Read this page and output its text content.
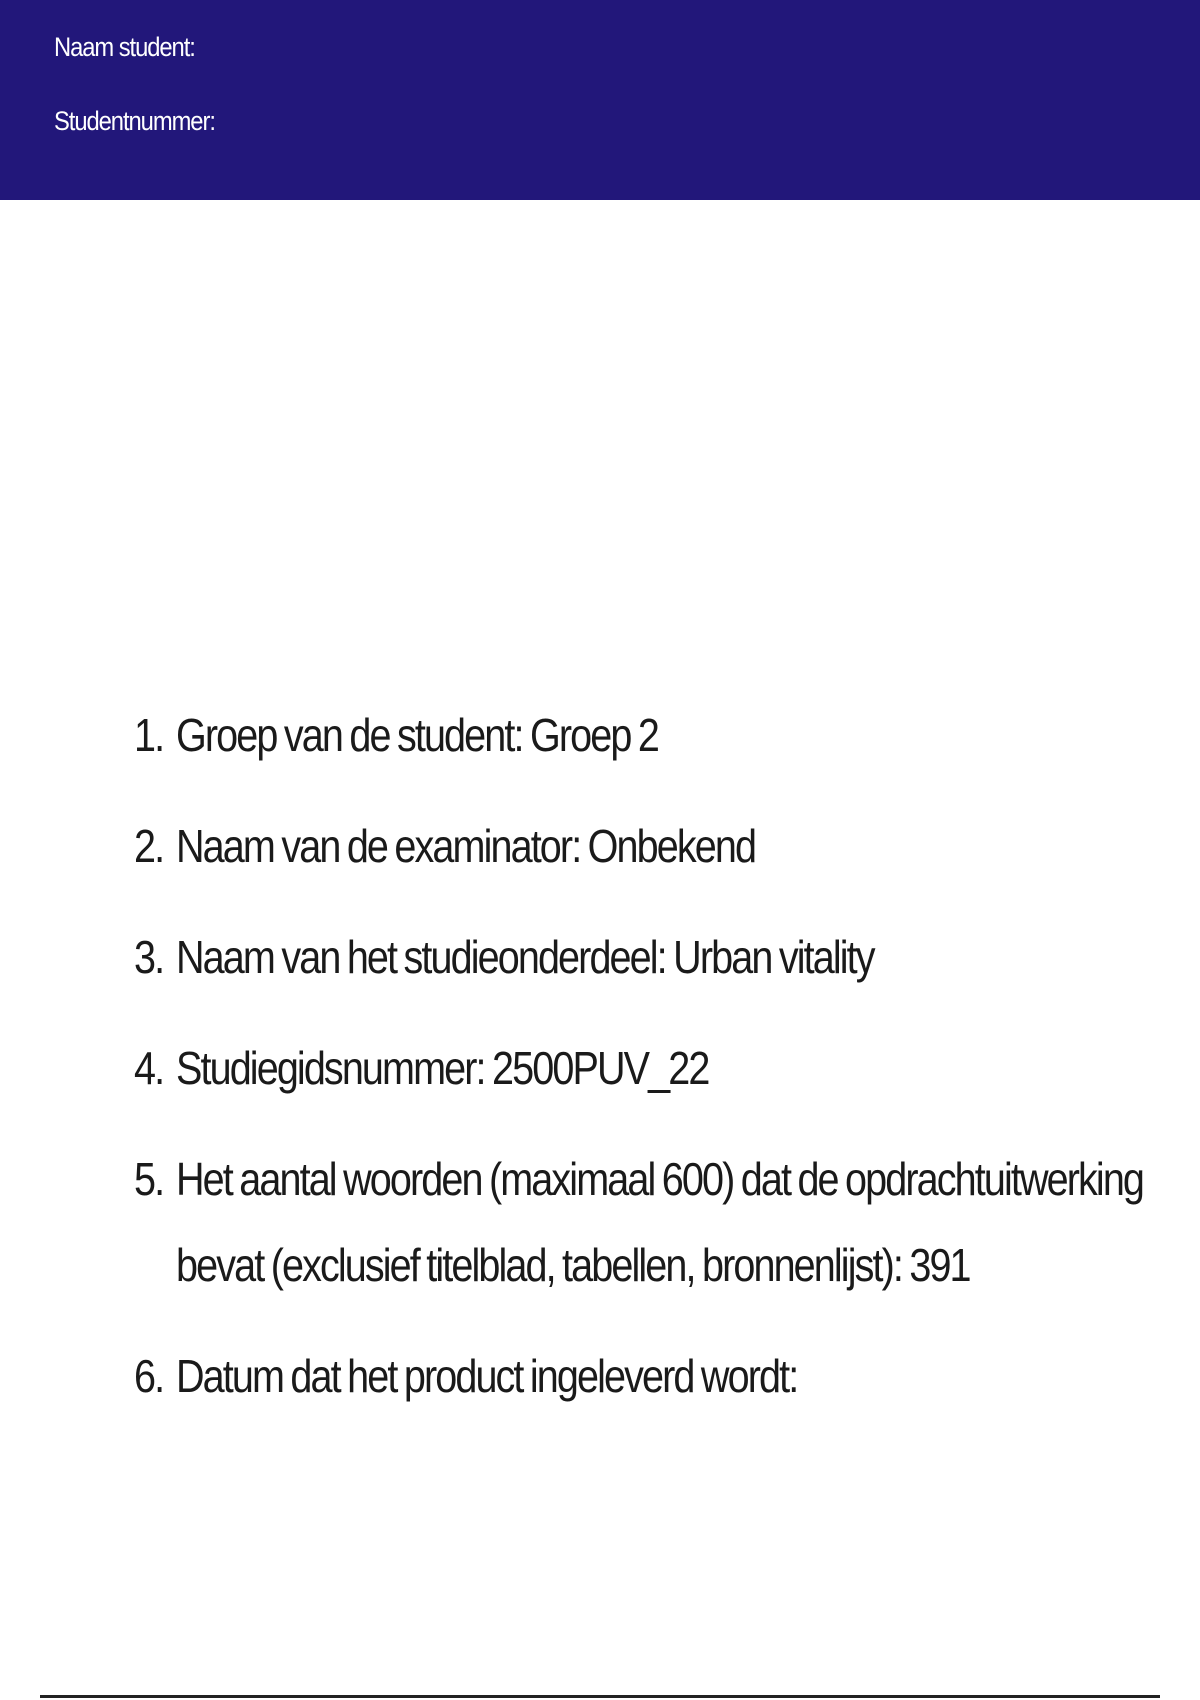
Naam student:
Studentnummer:
1. Groep van de student: Groep 2
2. Naam van de examinator: Onbekend
3. Naam van het studieonderdeel: Urban vitality
4. Studiegidsnummer: 2500PUV_22
5. Het aantal woorden (maximaal 600) dat de opdrachtuitwerking bevat (exclusief titelblad, tabellen, bronnenlijst): 391
6. Datum dat het product ingeleverd wordt:
